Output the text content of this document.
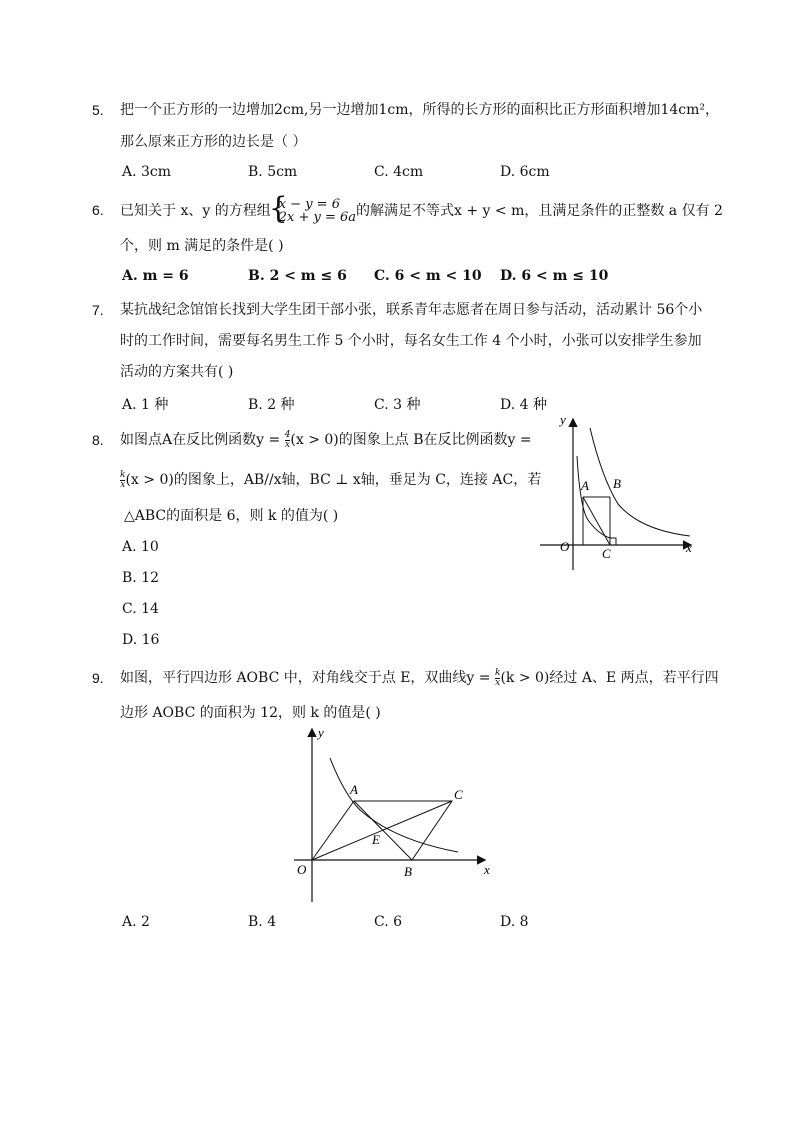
5. 把一个正方形的一边增加2cm,另一边增加1cm，所得的长方形的面积比正方形面积增加14cm²，
那么原来正方形的边长是（ ）
A. 3cm	B. 5cm	C. 4cm	D. 6cm
6. 已知关于 x、y 的方程组
{ x − y = 6
2x + y = 6a 的解满足不等式x + y < m，且满足条件的正整数 a 仅有 2
个，则 m 满足的条件是( )
A. m = 6	B. 2 < m ≤ 6 C. 6 < m < 10 D. 6 < m ≤ 10
7. 某抗战纪念馆馆长找到大学生团干部小张，联系青年志愿者在周日参与活动，活动累计 56个小
时的工作时间，需要每名男生工作 5 个小时，每名女生工作 4 个小时，小张可以安排学生参加
活动的方案共有( )
A. 1 种	B. 2 种	C. 3 种	D. 4 种
8. 如图点A在反比例函数$y = \frac{4}{x} (x > 0)$的图象上点 B在反比例函数y =
$\frac{k}{x} (x > 0)$的图象上，AB//x轴，BC ⊥ x轴，垂足为 C，连接 AC，若
△ABC的面积是 6，则 k 的值为( )
A. 10
B. 12
C. 14
D. 16
y
x
O
A B
C
9. 如图，平行四边形 AOBC 中，对角线交于点 E，双曲线$y = \frac{k}{x} (k > 0)$经过 A、E 两点，若平行四
边形 AOBC 的面积为 12，则 k 的值是( )
y
x
O
A	C
E
B
A. 2	B. 4	C. 6	D. 8
